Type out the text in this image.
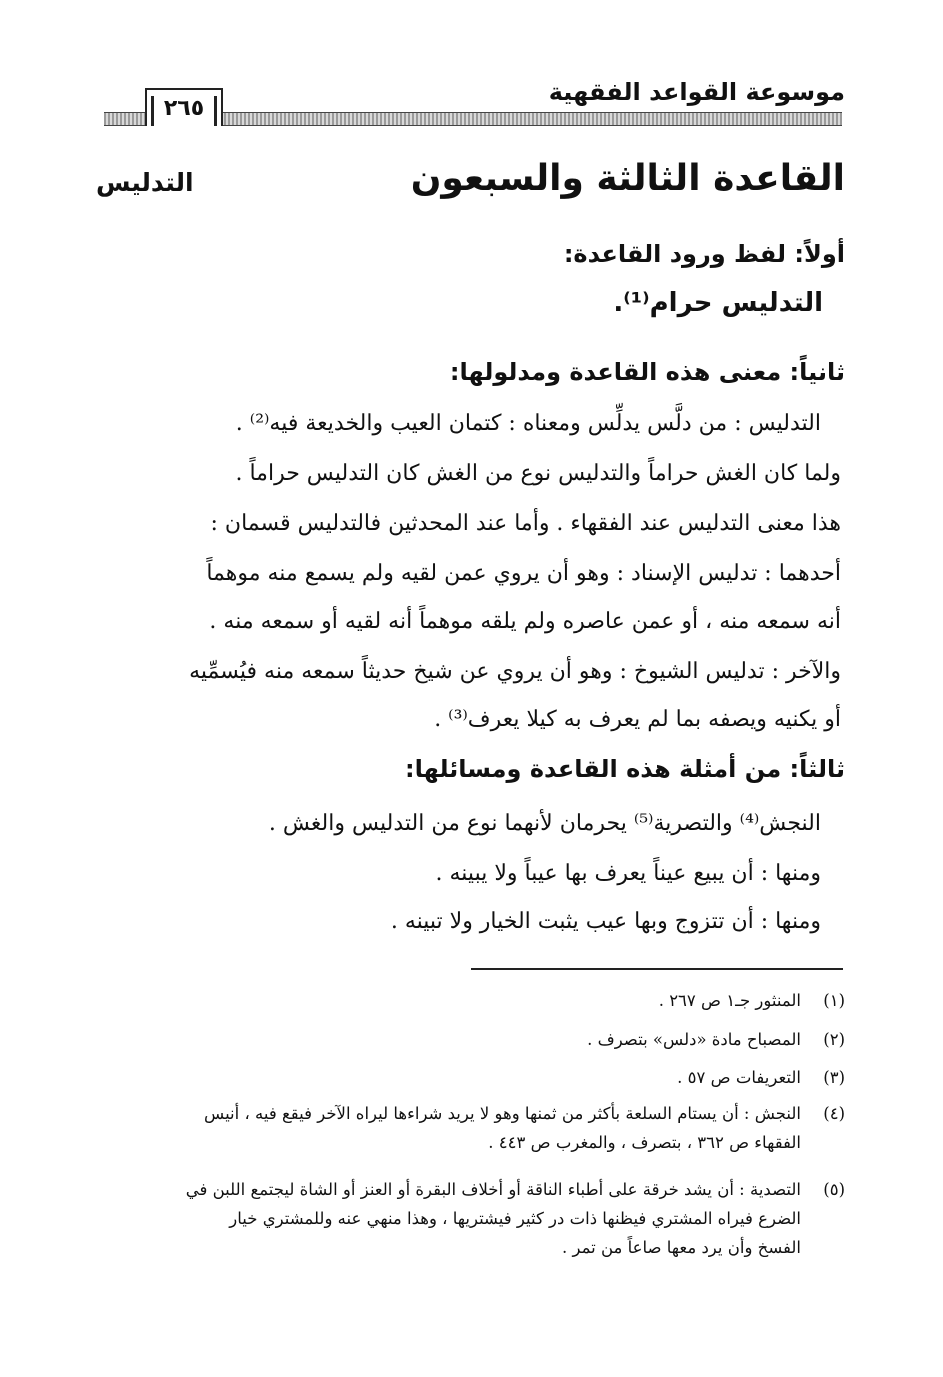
موسوعة القواعد الفقهية
٢٦٥
القاعدة الثالثة والسبعون
التدليس
أولاً: لفظ ورود القاعدة:
التدليس حرام⁽¹⁾.
ثانياً: معنى هذه القاعدة ومدلولها:
التدليس : من دلَّس يدلِّس ومعناه : كتمان العيب والخديعة فيه⁽²⁾ .
ولما كان الغش حراماً والتدليس نوع من الغش كان التدليس حراماً .
هذا معنى التدليس عند الفقهاء . وأما عند المحدثين فالتدليس قسمان :
أحدهما : تدليس الإسناد : وهو أن يروي عمن لقيه ولم يسمع منه موهماً
أنه سمعه منه ، أو عمن عاصره ولم يلقه موهماً أنه لقيه أو سمعه منه .
والآخر : تدليس الشيوخ : وهو أن يروي عن شيخ حديثاً سمعه منه فيُسمِّيه
أو يكنيه ويصفه بما لم يعرف به كيلا يعرف⁽³⁾ .
ثالثاً: من أمثلة هذه القاعدة ومسائلها:
النجش⁽⁴⁾ والتصرية⁽⁵⁾ يحرمان لأنهما نوع من التدليس والغش .
ومنها : أن يبيع عيناً يعرف بها عيباً ولا يبينه .
ومنها : أن تتزوج وبها عيب يثبت الخيار ولا تبينه .
(١)المنثور جـ١ ص ٢٦٧ .
(٢)المصباح مادة «دلس» بتصرف .
(٣)التعريفات ص ٥٧ .
(٤)النجش : أن يستام السلعة بأكثر من ثمنها وهو لا يريد شراءها ليراه الآخر فيقع فيه ، أنيس
الفقهاء ص ٣٦٢ ، بتصرف ، والمغرب ص ٤٤٣ .
(٥)التصدية : أن يشد خرقة على أطباء الناقة أو أخلاف البقرة أو العنز أو الشاة ليجتمع اللبن في
الضرع فيراه المشتري فيظنها ذات در كثير فيشتريها ، وهذا منهي عنه وللمشتري خيار
الفسخ وأن يرد معها صاعاً من تمر .
